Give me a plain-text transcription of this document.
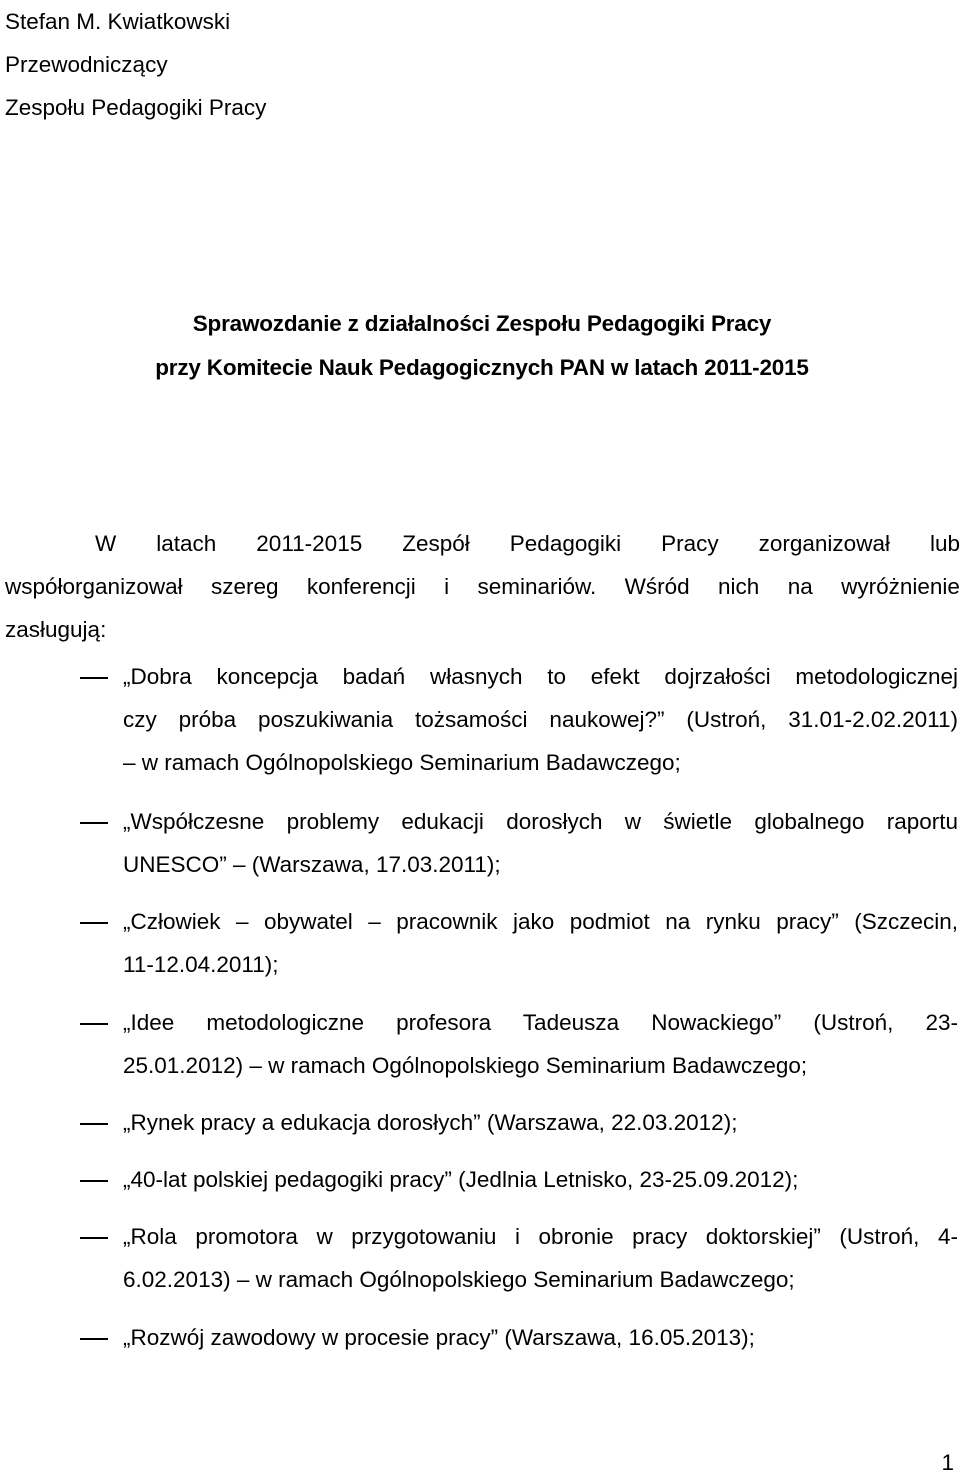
Stefan M. Kwiatkowski
Przewodniczący
Zespołu Pedagogiki Pracy
Sprawozdanie z działalności Zespołu Pedagogiki Pracy
przy Komitecie Nauk Pedagogicznych PAN w latach 2011-2015
W latach 2011-2015 Zespół Pedagogiki Pracy zorganizował lub
współorganizował szereg konferencji i seminariów. Wśród nich na wyróżnienie
zasługują:
„Dobra koncepcja badań własnych to efekt dojrzałości metodologicznej
czy próba poszukiwania tożsamości naukowej?” (Ustroń, 31.01-2.02.2011)
– w ramach Ogólnopolskiego Seminarium Badawczego;
„Współczesne problemy edukacji dorosłych w świetle globalnego raportu
UNESCO” – (Warszawa, 17.03.2011);
„Człowiek – obywatel – pracownik jako podmiot na rynku pracy” (Szczecin,
11-12.04.2011);
„Idee metodologiczne profesora Tadeusza Nowackiego” (Ustroń, 23-
25.01.2012) – w ramach Ogólnopolskiego Seminarium Badawczego;
„Rynek pracy a edukacja dorosłych” (Warszawa, 22.03.2012);
„40-lat polskiej pedagogiki pracy” (Jedlnia Letnisko, 23-25.09.2012);
„Rola promotora w przygotowaniu i obronie pracy doktorskiej” (Ustroń, 4-
6.02.2013) – w ramach Ogólnopolskiego Seminarium Badawczego;
„Rozwój zawodowy w procesie pracy” (Warszawa, 16.05.2013);
1
